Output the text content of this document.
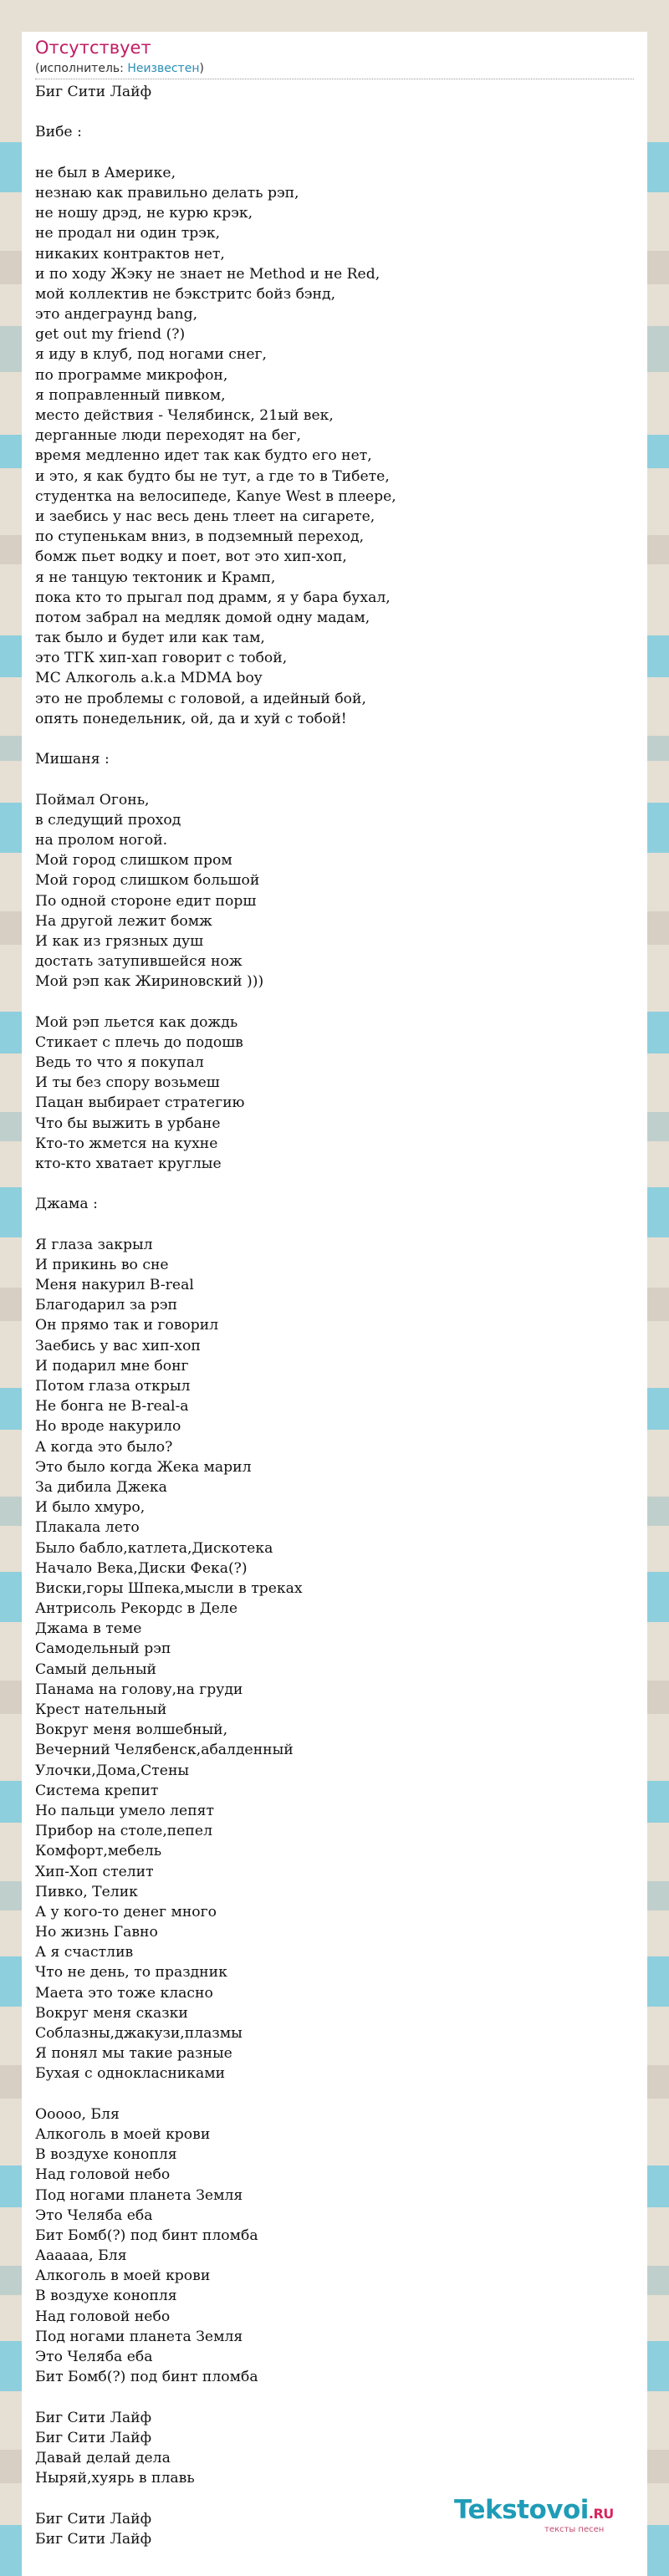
Отсутствует
(исполнитель: Неизвестен)
Биг Сити Лайф
Вибе :
не был в Америке,
незнаю как правильно делать рэп,
не ношу дрэд, не курю крэк,
не продал ни один трэк,
никаких контрактов нет,
и по ходу Жэку не знает не Method и не Red,
мой коллектив не бэкстритс бойз бэнд,
это андеграунд bang,
get out my friend (?)
я иду в клуб, под ногами снег,
по программе микрофон,
я поправленный пивком,
место действия - Челябинск, 21ый век,
дерганные люди переходят на бег,
время медленно идет так как будто его нет,
и это, я как будто бы не тут, а где то в Тибете,
студентка на велосипеде, Kanye West в плеере,
и заебись у нас весь день тлеет на сигарете,
по ступенькам вниз, в подземный переход,
бомж пьет водку и поет, вот это хип-хоп,
я не танцую тектоник и Крамп,
пока кто то прыгал под драмм, я у бара бухал,
потом забрал на медляк домой одну мадам,
так было и будет или как там,
это ТГК хип-хап говорит с тобой,
MC Алкоголь a.k.a MDMA boy
это не проблемы с головой, а идейный бой,
опять понедельник, ой, да и хуй с тобой!
Мишаня :
Поймал Огонь,
в следущий проход
на пролом ногой.
Мой город слишком пром
Мой город слишком большой
По одной стороне едит порш
На другой лежит бомж
И как из грязных душ
достать затупившейся нож
Мой рэп как Жириновский )))
Мой рэп льется как дождь
Стикает с плечь до подошв
Ведь то что я покупал
И ты без спору возьмеш
Пацан выбирает стратегию
Что бы выжить в урбане
Кто-то жмется на кухне
кто-кто хватает круглые
Джама :
Я глаза закрыл
И прикинь во сне
Меня накурил B-real
Благодарил за рэп
Он прямо так и говорил
Заебись у вас хип-хоп
И подарил мне бонг
Потом глаза открыл
Не бонга не B-real-a
Но вроде накурило
А когда это было?
Это было когда Жека марил
За дибила Джека
И было хмуро,
Плакала лето
Было бабло,катлета,Дискотека
Начало Века,Диски Фека(?)
Виски,горы Шпека,мысли в треках
Антрисоль Рекордс в Деле
Джама в теме
Самодельный рэп
Самый дельный
Панама на голову,на груди
Крест нательный
Вокруг меня волшебный,
Вечерний Челябенск,абалденный
Улочки,Дома,Стены
Система крепит
Но пальци умело лепят
Прибор на столе,пепел
Комфорт,мебель
Хип-Хоп стелит
Пивко, Телик
А у кого-то денег много
Но жизнь Гавно
А я счастлив
Что не день, то праздник
Маета это тоже класно
Вокруг меня сказки
Соблазны,джакузи,плазмы
Я понял мы такие разные
Бухая с однокласниками
Ооооо, Бля
Алкоголь в моей крови
В воздухе конопля
Над головой небо
Под ногами планета Земля
Это Челяба еба
Бит Бомб(?) под бинт пломба
Аааааа, Бля
Алкоголь в моей крови
В воздухе конопля
Над головой небо
Под ногами планета Земля
Это Челяба еба
Бит Бомб(?) под бинт пломба
Биг Сити Лайф
Биг Сити Лайф
Давай делай дела
Ныряй,хуярь в плавь
Биг Сити Лайф
Биг Сити Лайф
Tekstovoi.RU
тексты песен
